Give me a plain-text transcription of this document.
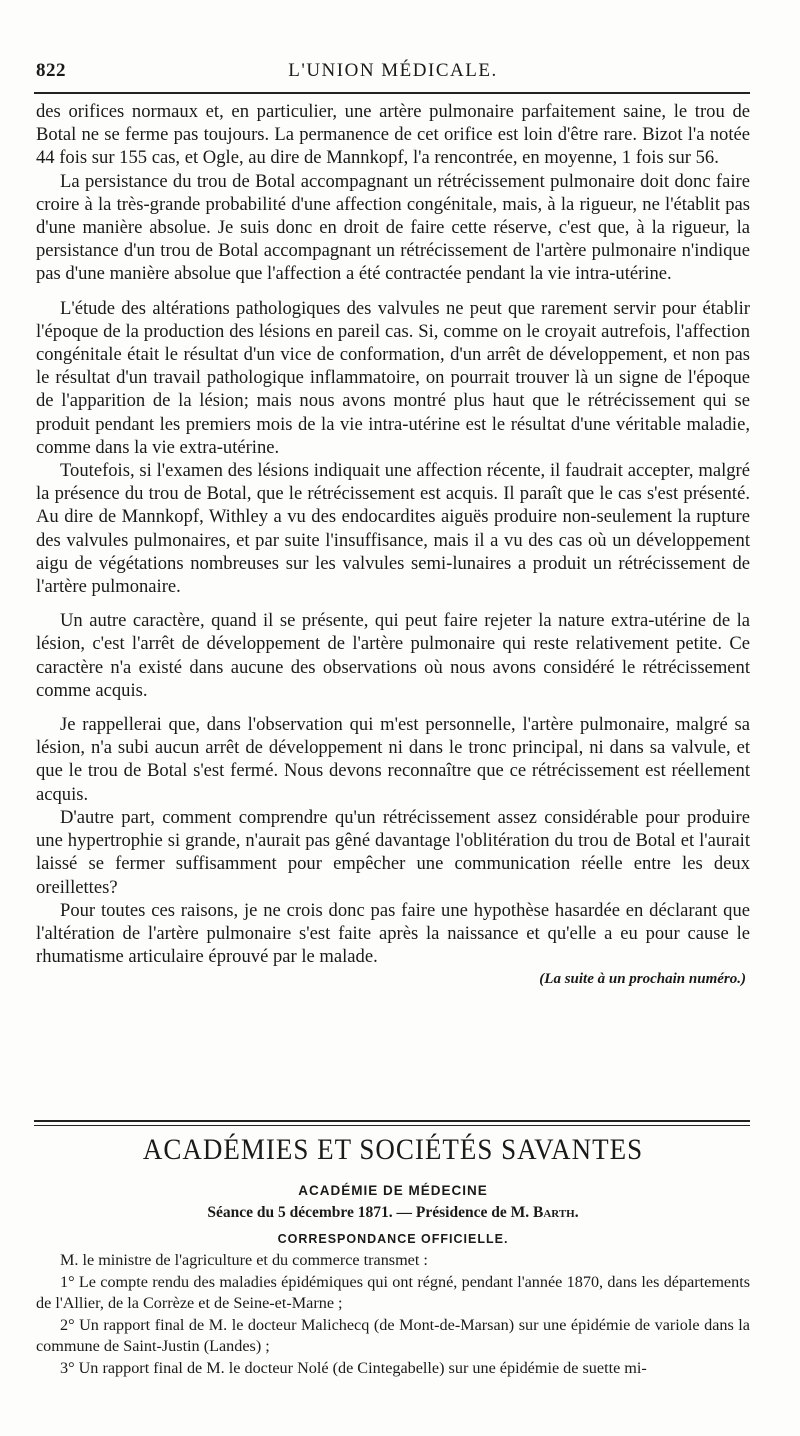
822	L'UNION MÉDICALE.

des orifices normaux et, en particulier, une artère pulmonaire parfaitement saine, le trou de Botal ne se ferme pas toujours. La permanence de cet orifice est loin d'être rare. Bizot l'a notée 44 fois sur 155 cas, et Ogle, au dire de Mannkopf, l'a rencontrée, en moyenne, 1 fois sur 56.

La persistance du trou de Botal accompagnant un rétrécissement pulmonaire doit donc faire croire à la très-grande probabilité d'une affection congénitale, mais, à la rigueur, ne l'établit pas d'une manière absolue. Je suis donc en droit de faire cette réserve, c'est que, à la rigueur, la persistance d'un trou de Botal accompagnant un rétrécissement de l'artère pulmonaire n'indique pas d'une manière absolue que l'affection a été contractée pendant la vie intra-utérine.

L'étude des altérations pathologiques des valvules ne peut que rarement servir pour établir l'époque de la production des lésions en pareil cas. Si, comme on le croyait autrefois, l'affection congénitale était le résultat d'un vice de conformation, d'un arrêt de développement, et non pas le résultat d'un travail pathologique inflammatoire, on pourrait trouver là un signe de l'époque de l'apparition de la lésion; mais nous avons montré plus haut que le rétrécissement qui se produit pendant les premiers mois de la vie intra-utérine est le résultat d'une véritable maladie, comme dans la vie extra-utérine.

Toutefois, si l'examen des lésions indiquait une affection récente, il faudrait accepter, malgré la présence du trou de Botal, que le rétrécissement est acquis. Il paraît que le cas s'est présenté. Au dire de Mannkopf, Withley a vu des endocardites aiguës produire non-seulement la rupture des valvules pulmonaires, et par suite l'insuffisance, mais il a vu des cas où un développement aigu de végétations nombreuses sur les valvules semi-lunaires a produit un rétrécissement de l'artère pulmonaire.

Un autre caractère, quand il se présente, qui peut faire rejeter la nature extra-utérine de la lésion, c'est l'arrêt de développement de l'artère pulmonaire qui reste relativement petite. Ce caractère n'a existé dans aucune des observations où nous avons considéré le rétrécissement comme acquis.

Je rappellerai que, dans l'observation qui m'est personnelle, l'artère pulmonaire, malgré sa lésion, n'a subi aucun arrêt de développement ni dans le tronc principal, ni dans sa valvule, et que le trou de Botal s'est fermé. Nous devons reconnaître que ce rétrécissement est réellement acquis.

D'autre part, comment comprendre qu'un rétrécissement assez considérable pour produire une hypertrophie si grande, n'aurait pas gêné davantage l'oblitération du trou de Botal et l'aurait laissé se fermer suffisamment pour empêcher une communication réelle entre les deux oreillettes?

Pour toutes ces raisons, je ne crois donc pas faire une hypothèse hasardée en déclarant que l'altération de l'artère pulmonaire s'est faite après la naissance et qu'elle a eu pour cause le rhumatisme articulaire éprouvé par le malade.

(La suite à un prochain numéro.)
ACADÉMIES ET SOCIÉTÉS SAVANTES
ACADÉMIE DE MÉDECINE
Séance du 5 décembre 1871. — Présidence de M. Barth.
CORRESPONDANCE OFFICIELLE.

M. le ministre de l'agriculture et du commerce transmet :

1° Le compte rendu des maladies épidémiques qui ont régné, pendant l'année 1870, dans les départements de l'Allier, de la Corrèze et de Seine-et-Marne ;

2° Un rapport final de M. le docteur Malichecq (de Mont-de-Marsan) sur une épidémie de variole dans la commune de Saint-Justin (Landes) ;

3° Un rapport final de M. le docteur Nolé (de Cintegabelle) sur une épidémie de suette mi-
